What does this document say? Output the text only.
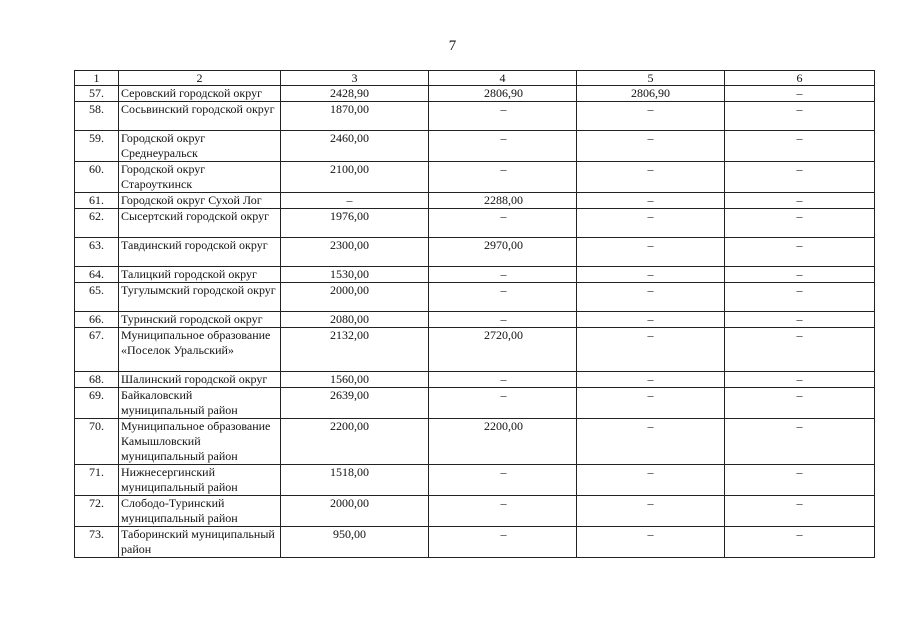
7
1	2	3	4	5	6
57.	Серовский городской округ	2428,90	2806,90	2806,90	–
58.	Сосьвинский городской округ	1870,00	–	–	–
59.	Городской округ Среднеуральск	2460,00	–	–	–
60.	Городской округ Староуткинск	2100,00	–	–	–
61.	Городской округ Сухой Лог	–	2288,00	–	–
62.	Сысертский городской округ	1976,00	–	–	–
63.	Тавдинский городской округ	2300,00	2970,00	–	–
64.	Талицкий городской округ	1530,00	–	–	–
65.	Тугулымский городской округ	2000,00	–	–	–
66.	Туринский городской округ	2080,00	–	–	–
67.	Муниципальное образование «Поселок Уральский»	2132,00	2720,00	–	–
68.	Шалинский городской округ	1560,00	–	–	–
69.	Байкаловский муниципальный район	2639,00	–	–	–
70.	Муниципальное образование Камышловский муниципальный район	2200,00	2200,00	–	–
71.	Нижнесергинский муниципальный район	1518,00	–	–	–
72.	Слободо-Туринский муниципальный район	2000,00	–	–	–
73.	Таборинский муниципальный район	950,00	–	–	–
